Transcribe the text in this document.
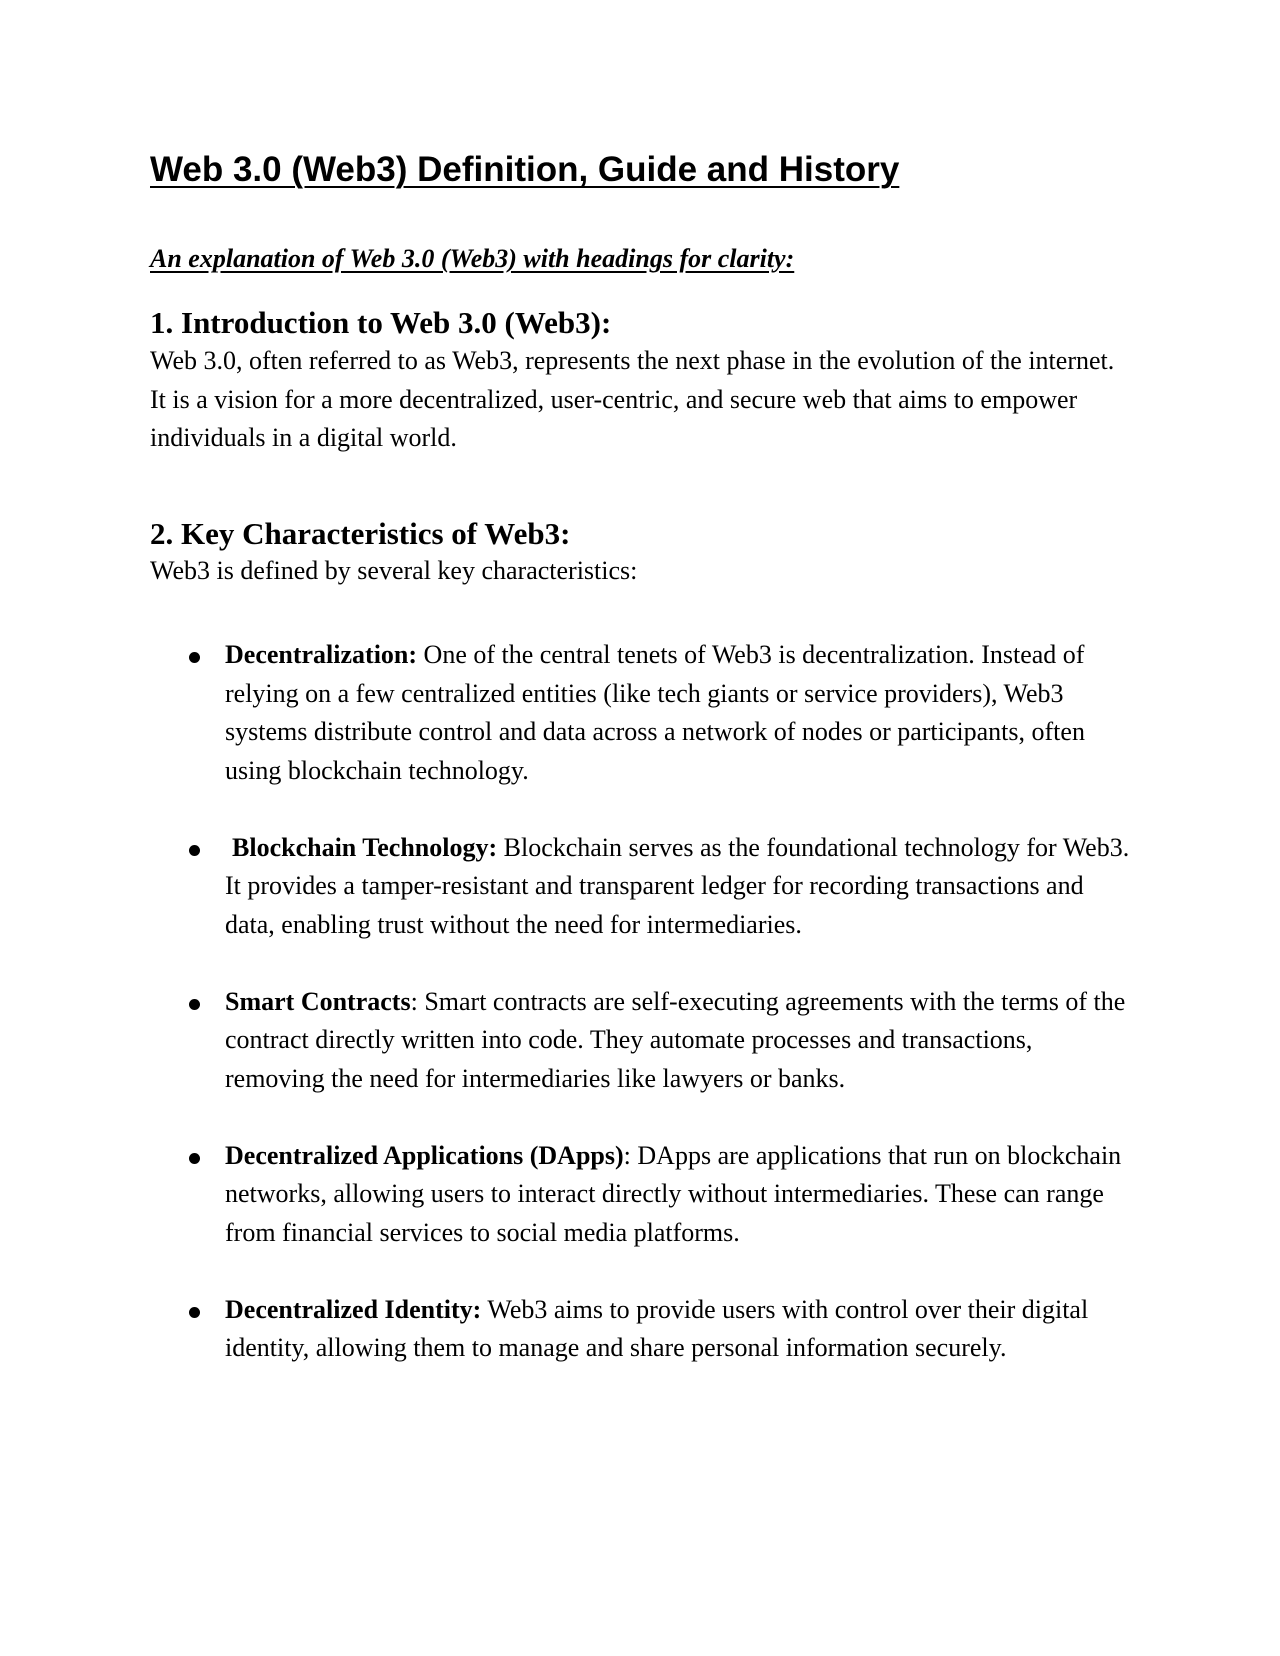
Web 3.0 (Web3) Definition, Guide and History

An explanation of Web 3.0 (Web3) with headings for clarity:

1. Introduction to Web 3.0 (Web3):

Web 3.0, often referred to as Web3, represents the next phase in the evolution of the internet. It is a vision for a more decentralized, user-centric, and secure web that aims to empower individuals in a digital world.

2. Key Characteristics of Web3:

Web3 is defined by several key characteristics:

Decentralization: One of the central tenets of Web3 is decentralization. Instead of relying on a few centralized entities (like tech giants or service providers), Web3 systems distribute control and data across a network of nodes or participants, often using blockchain technology.
Blockchain Technology: Blockchain serves as the foundational technology for Web3. It provides a tamper-resistant and transparent ledger for recording transactions and data, enabling trust without the need for intermediaries.
Smart Contracts: Smart contracts are self-executing agreements with the terms of the contract directly written into code. They automate processes and transactions, removing the need for intermediaries like lawyers or banks.
Decentralized Applications (DApps): DApps are applications that run on blockchain networks, allowing users to interact directly without intermediaries. These can range from financial services to social media platforms.
Decentralized Identity: Web3 aims to provide users with control over their digital identity, allowing them to manage and share personal information securely.
